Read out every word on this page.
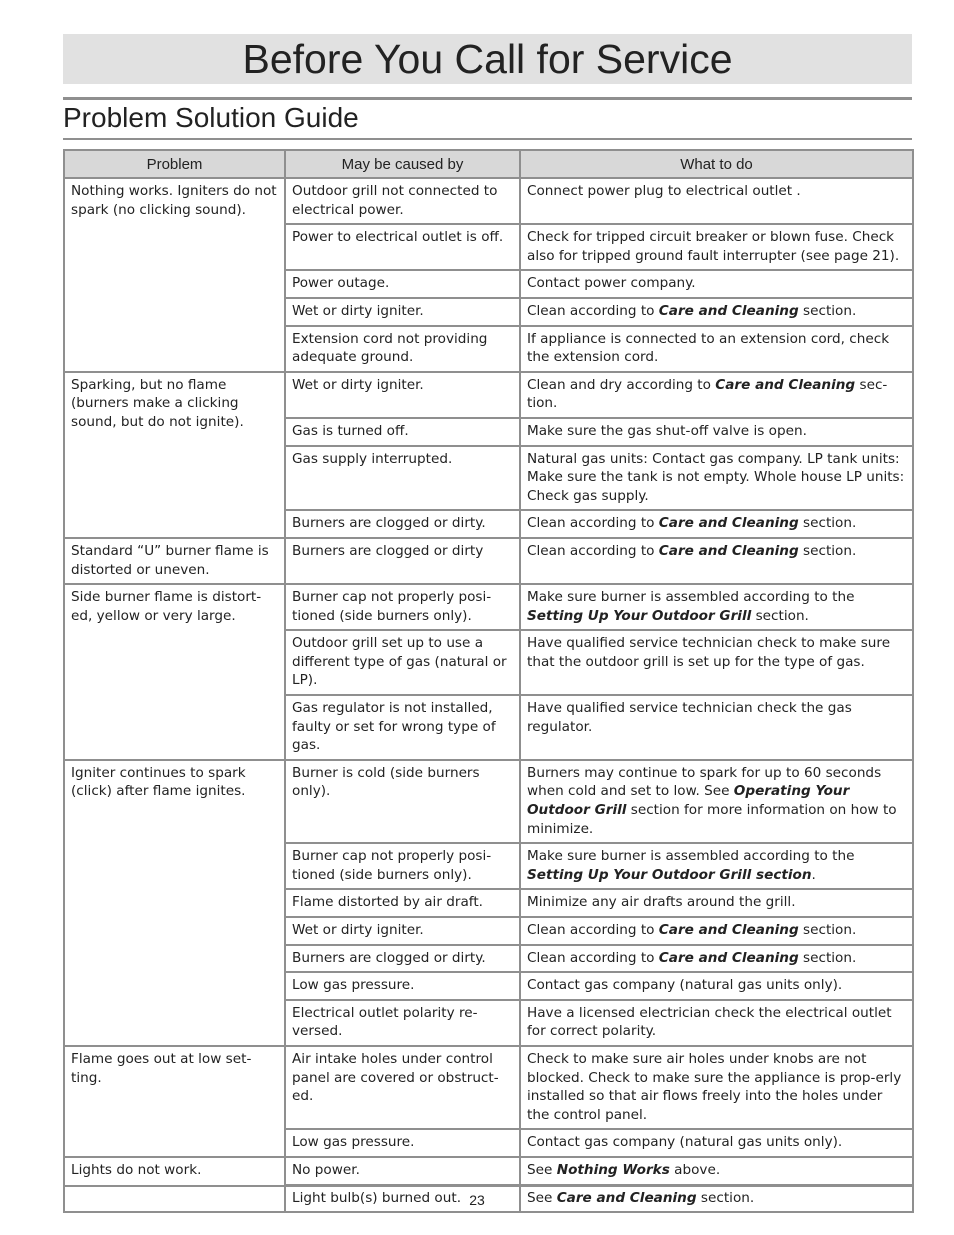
Before You Call for Service
Problem Solution Guide
Problem	May be caused by	What to do
Nothing works. Igniters do not spark (no clicking sound).	Outdoor grill not connected to electrical power.	Connect power plug to electrical outlet .
	Power to electrical outlet is off.	Check for tripped circuit breaker or blown fuse. Check also for tripped ground fault interrupter (see page 21).
	Power outage.	Contact power company.
	Wet or dirty igniter.	Clean according to Care and Cleaning section.
	Extension cord not providing adequate ground.	If appliance is connected to an extension cord, check the extension cord.
Sparking, but no flame (burners make a clicking sound, but do not ignite).	Wet or dirty igniter.	Clean and dry according to Care and Cleaning sec-tion.
	Gas is turned off.	Make sure the gas shut-off valve is open.
	Gas supply interrupted.	Natural gas units: Contact gas company. LP tank units: Make sure the tank is not empty. Whole house LP units: Check gas supply.
	Burners are clogged or dirty.	Clean according to Care and Cleaning section.
Standard “U” burner flame is distorted or uneven.	Burners are clogged or dirty	Clean according to Care and Cleaning section.
Side burner flame is distort-ed, yellow or very large.	Burner cap not properly posi-tioned (side burners only).	Make sure burner is assembled according to the Setting Up Your Outdoor Grill section.
	Outdoor grill set up to use a different type of gas (natural or LP).	Have qualified service technician check to make sure that the outdoor grill is set up for the type of gas.
	Gas regulator is not installed, faulty or set for wrong type of gas.	Have qualified service technician check the gas regulator.
Igniter continues to spark (click) after flame ignites.	Burner is cold (side burners only).	Burners may continue to spark for up to 60 seconds when cold and set to low. See Operating Your Outdoor Grill section for more information on how to minimize.
	Burner cap not properly posi-tioned (side burners only).	Make sure burner is assembled according to the Setting Up Your Outdoor Grill section.
	Flame distorted by air draft.	Minimize any air drafts around the grill.
	Wet or dirty igniter.	Clean according to Care and Cleaning section.
	Burners are clogged or dirty.	Clean according to Care and Cleaning section.
	Low gas pressure.	Contact gas company (natural gas units only).
	Electrical outlet polarity re-versed.	Have a licensed electrician check the electrical outlet for correct polarity.
Flame goes out at low set-ting.	Air intake holes under control panel are covered or obstruct-ed.	Check to make sure air holes under knobs are not blocked. Check to make sure the appliance is prop-erly installed so that air flows freely into the holes under the control panel.
	Low gas pressure.	Contact gas company (natural gas units only).
Lights do not work.	No power.	See Nothing Works above.
	Light bulb(s) burned out.	See Care and Cleaning section.
23
